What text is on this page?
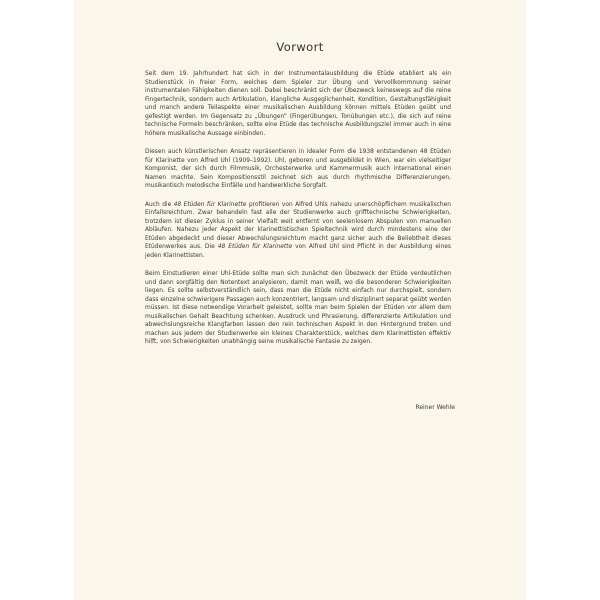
Vorwort

Seit dem 19. Jahrhundert hat sich in der Instrumentalausbildung die Etüde etabliert als ein Studienstück in freier Form, welches dem Spieler zur Übung und Vervollkommnung seiner instrumentalen Fähigkeiten dienen soll. Dabei beschränkt sich der Übezweck keineswegs auf die reine Fingertechnik, sondern auch Artikulation, klangliche Ausgeglichenheit, Kondition, Gestaltungsfähigkeit und manch andere Teilaspekte einer musikalischen Ausbildung können mittels Etüden geübt und gefestigt werden. Im Gegensatz zu „Übungen“ (Fingerübungen, Tonübungen etc.), die sich auf reine technische Formeln beschränken, sollte eine Etüde das technische Ausbildungsziel immer auch in eine höhere musikalische Aussage einbinden.

Diesen auch künstlerischen Ansatz repräsentieren in idealer Form die 1938 entstandenen 48 Etüden für Klarinette von Alfred Uhl (1909–1992). Uhl, geboren und ausgebildet in Wien, war ein vielseitiger Komponist, der sich durch Filmmusik, Orchesterwerke und Kammermusik auch international einen Namen machte. Sein Kompositionsstil zeichnet sich aus durch rhythmische Differenzierungen, musikantisch melodische Einfälle und handwerkliche Sorgfalt.

Auch die 48 Etüden für Klarinette profitieren von Alfred Uhls nahezu unerschöpflichem musikalischen Einfallsreichtum. Zwar behandeln fast alle der Studienwerke auch grifftechnische Schwierigkeiten, trotzdem ist dieser Zyklus in seiner Vielfalt weit entfernt von seelenlosem Abspulen von manuellen Abläufen. Nahezu jeder Aspekt der klarinettistischen Spieltechnik wird durch mindestens eine der Etüden abgedeckt und dieser Abwechslungsreichtum macht ganz sicher auch die Beliebtheit dieses Etüdenwerkes aus. Die 48 Etüden für Klarinette von Alfred Uhl sind Pflicht in der Ausbildung eines jeden Klarinettisten.

Beim Einstudieren einer Uhl-Etüde sollte man sich zunächst den Übezweck der Etüde verdeutlichen und dann sorgfältig den Notentext analysieren, damit man weiß, wo die besonderen Schwierigkeiten liegen. Es sollte selbstverständlich sein, dass man die Etüde nicht einfach nur durchspielt, sondern dass einzelne schwierigere Passagen auch konzentriert, langsam und disziplinert separat geübt werden müssen. Ist diese notwendige Vorarbeit geleistet, sollte man beim Spielen der Etüden vor allem dem musikalischen Gehalt Beachtung schenken. Ausdruck und Phrasierung, differenzierte Artikulation und abwechslungsreiche Klangfarben lassen den rein technischen Aspekt in den Hintergrund treten und machen aus jedem der Studienwerke ein kleines Charakterstück, welches dem Klarinettisten effektiv hilft, von Schwierigkeiten unabhängig seine musikalische Fantasie zu zeigen.

Reiner Wehle
